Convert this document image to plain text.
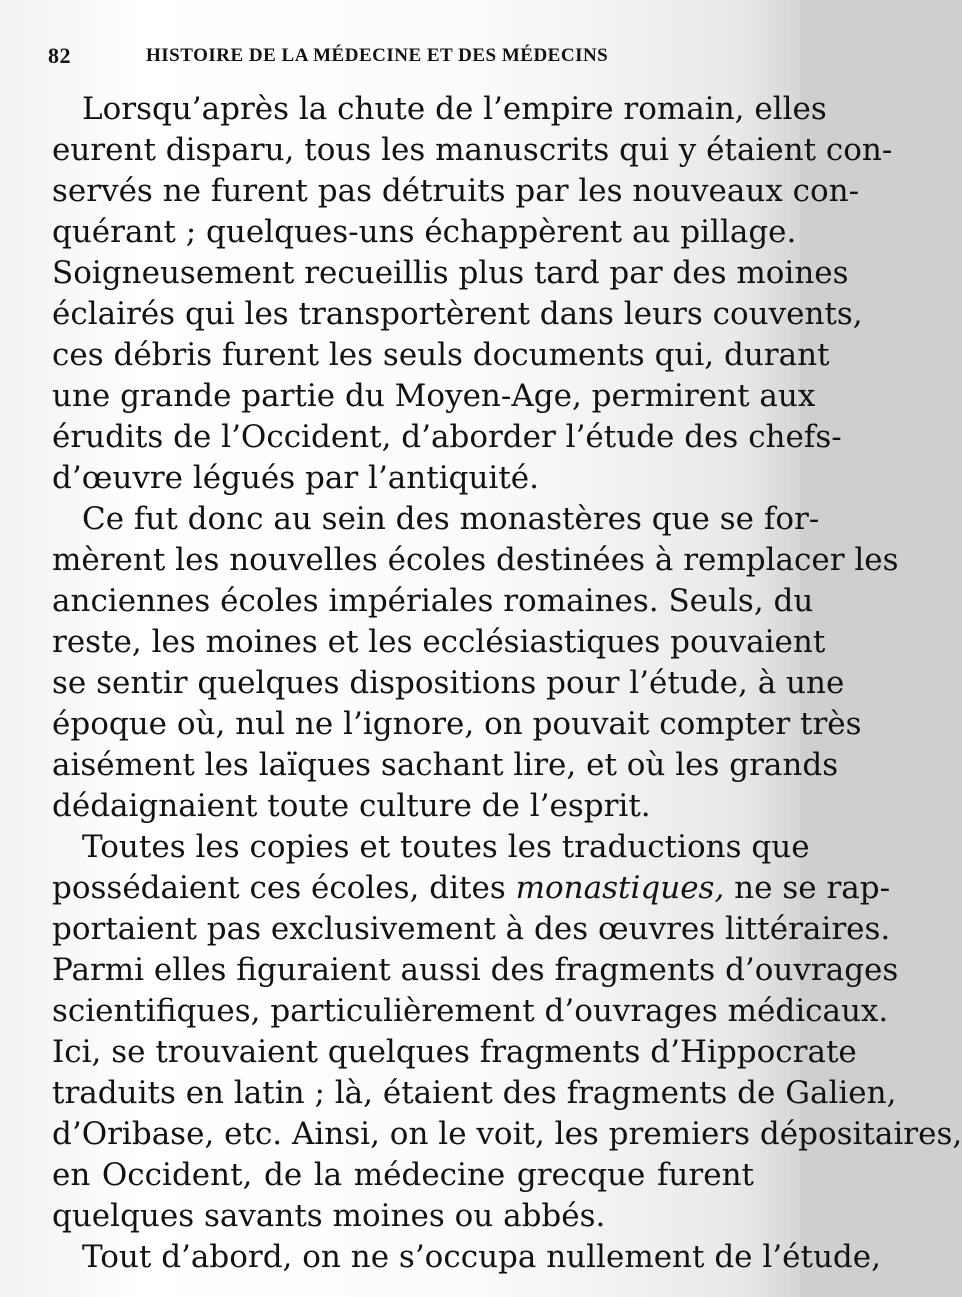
82	HISTOIRE DE LA MÉDECINE ET DES MÉDECINS
Lorsqu’après la chute de l’empire romain, elles
eurent disparu, tous les manuscrits qui y étaient con-
servés ne furent pas détruits par les nouveaux con-
quérant ; quelques-uns échappèrent au pillage.
Soigneusement recueillis plus tard par des moines
éclairés qui les transportèrent dans leurs couvents,
ces débris furent les seuls documents qui, durant
une grande partie du Moyen-Age, permirent aux
érudits de l’Occident, d’aborder l’étude des chefs-
d’œuvre légués par l’antiquité.
Ce fut donc au sein des monastères que se for-
mèrent les nouvelles écoles destinées à remplacer les
anciennes écoles impériales romaines. Seuls, du
reste, les moines et les ecclésiastiques pouvaient
se sentir quelques dispositions pour l’étude, à une
époque où, nul ne l’ignore, on pouvait compter très
aisément les laïques sachant lire, et où les grands
dédaignaient toute culture de l’esprit.
Toutes les copies et toutes les traductions que
possédaient ces écoles, dites monastiques, ne se rap-
portaient pas exclusivement à des œuvres littéraires.
Parmi elles figuraient aussi des fragments d’ouvrages
scientifiques, particulièrement d’ouvrages médicaux.
Ici, se trouvaient quelques fragments d’Hippocrate
traduits en latin ; là, étaient des fragments de Galien,
d’Oribase, etc. Ainsi, on le voit, les premiers dépositaires,
en Occident, de la médecine grecque furent
quelques savants moines ou abbés.
Tout d’abord, on ne s’occupa nullement de l’étude,
